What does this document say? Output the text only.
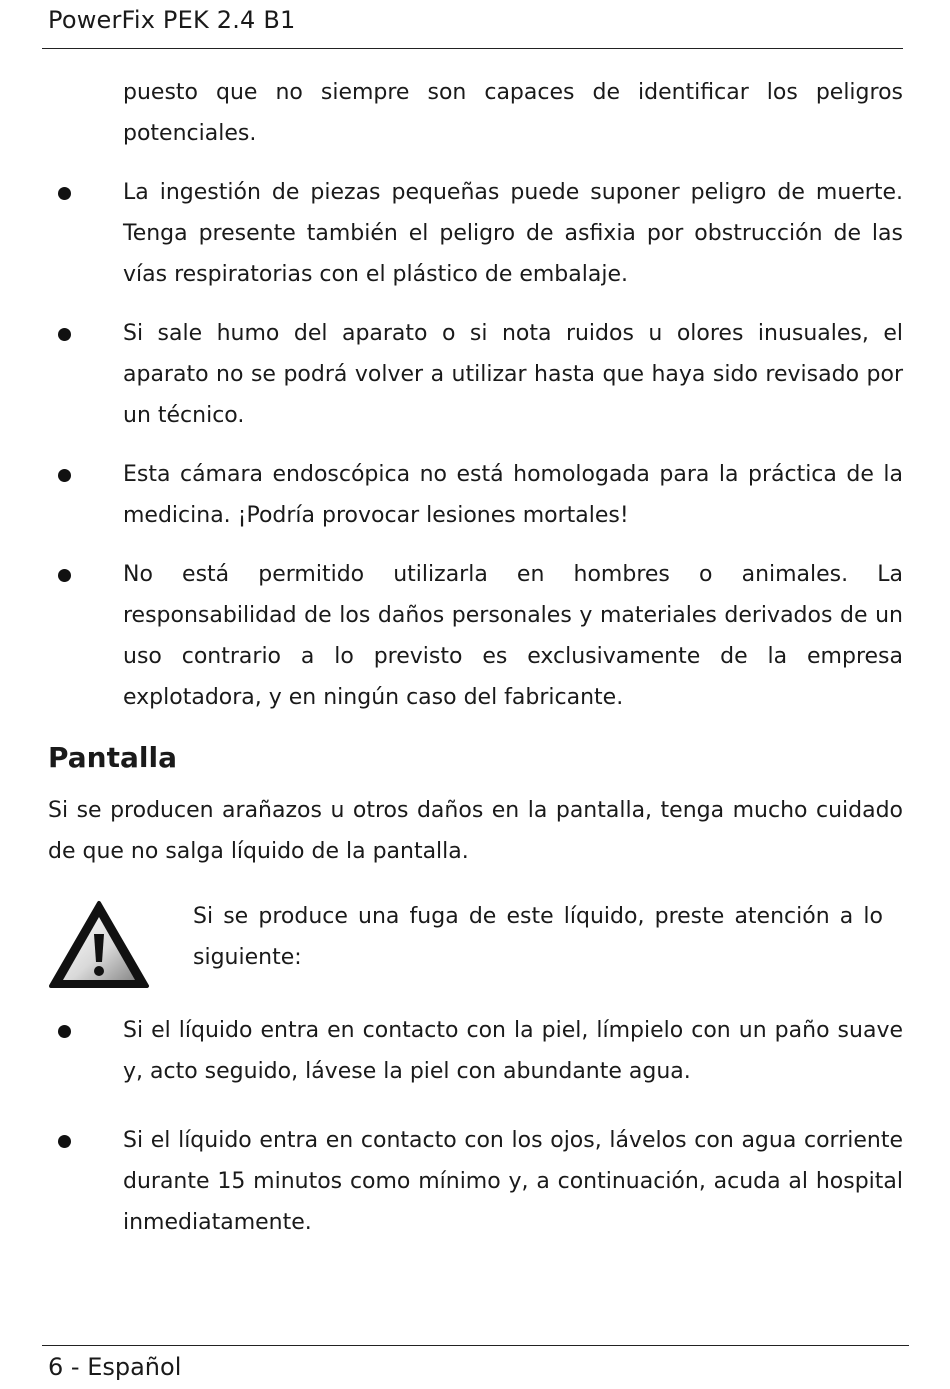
PowerFix PEK 2.4 B1
puesto que no siempre son capaces de identificar los peligros potenciales.
La ingestión de piezas pequeñas puede suponer peligro de muerte. Tenga presente también el peligro de asfixia por obstrucción de las vías respiratorias con el plástico de embalaje.
Si sale humo del aparato o si nota ruidos u olores inusuales, el aparato no se podrá volver a utilizar hasta que haya sido revisado por un técnico.
Esta cámara endoscópica no está homologada para la práctica de la medicina. ¡Podría provocar lesiones mortales!
No está permitido utilizarla en hombres o animales. La responsabilidad de los daños personales y materiales derivados de un uso contrario a lo previsto es exclusivamente de la empresa explotadora, y en ningún caso del fabricante.
Pantalla
Si se producen arañazos u otros daños en la pantalla, tenga mucho cuidado de que no salga líquido de la pantalla.
Si se produce una fuga de este líquido, preste atención a lo siguiente:
Si el líquido entra en contacto con la piel, límpielo con un paño suave y, acto seguido, lávese la piel con abundante agua.
Si el líquido entra en contacto con los ojos, lávelos con agua corriente durante 15 minutos como mínimo y, a continuación, acuda al hospital inmediatamente.
6 - Español
